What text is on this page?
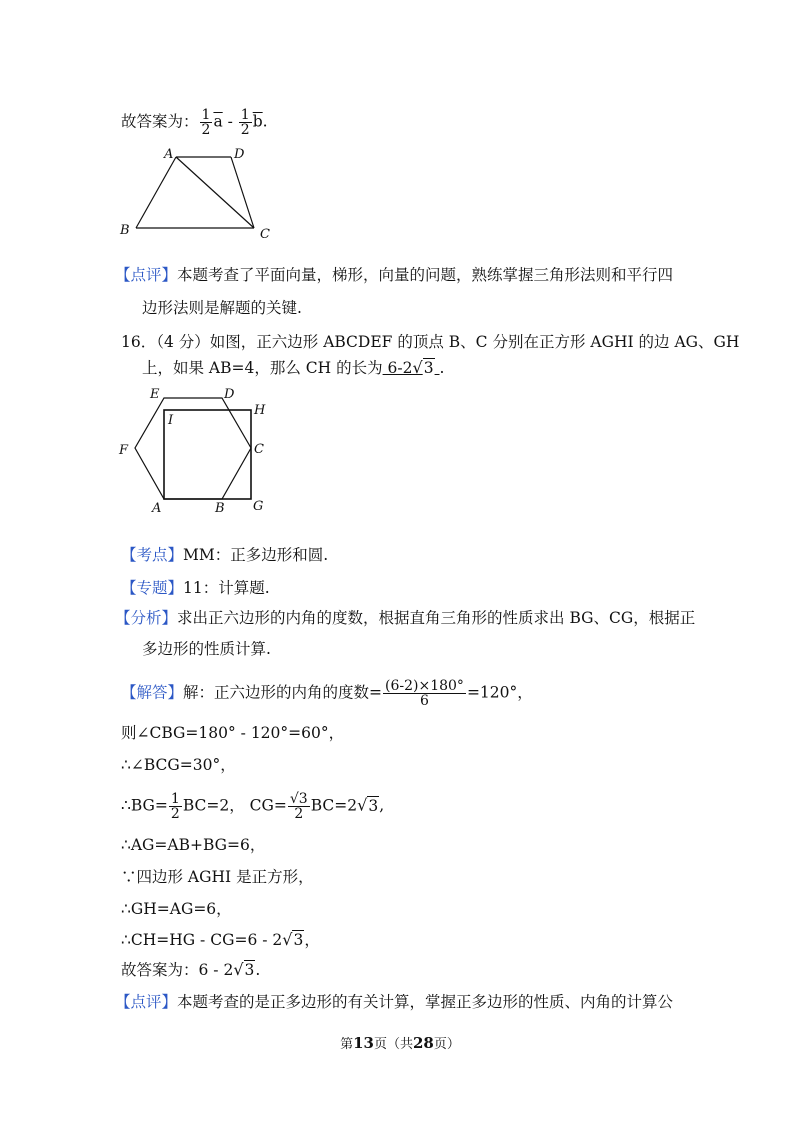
故答案为： $\frac{1}{2} \overline{a} - \frac{1}{2} \overline{b}$.
A	D
B	C
【点评】本题考查了平面向量，梯形，向量的问题，熟练掌握三角形法则和平行四
边形法则是解题的关键.
16．（4 分）如图，正六边形 ABCDEF 的顶点 B、C 分别在正方形 AGHI 的边 AG、GH
上，如果 AB=4，那么 CH 的长为 6-2√3 .
E	D
H
I
F	C
A	B G
【考点】MM：正多边形和圆.
【专题】11：计算题.
【分析】求出正六边形的内角的度数，根据直角三角形的性质求出 BG、CG，根据正
多边形的性质计算.
【解答】解：正六边形的内角的度数= $\frac{(6-2)\times 180^\circ}{6} =120^\circ$，
则∠CBG=180° - 120°=60°，
∴∠BCG=30°，
∴BG= $\frac{1}{2} BC=2$， $CG= \frac{√3}{2} BC=2√3$,
∴AG=AB+BG=6，
∵四边形 AGHI 是正方形，
∴GH=AG=6，
∴CH=HG - CG=6 - 2√3，
故答案为：6 - 2√3.
【点评】本题考查的是正多边形的有关计算，掌握正多边形的性质、内角的计算公
第13页（共28页）
